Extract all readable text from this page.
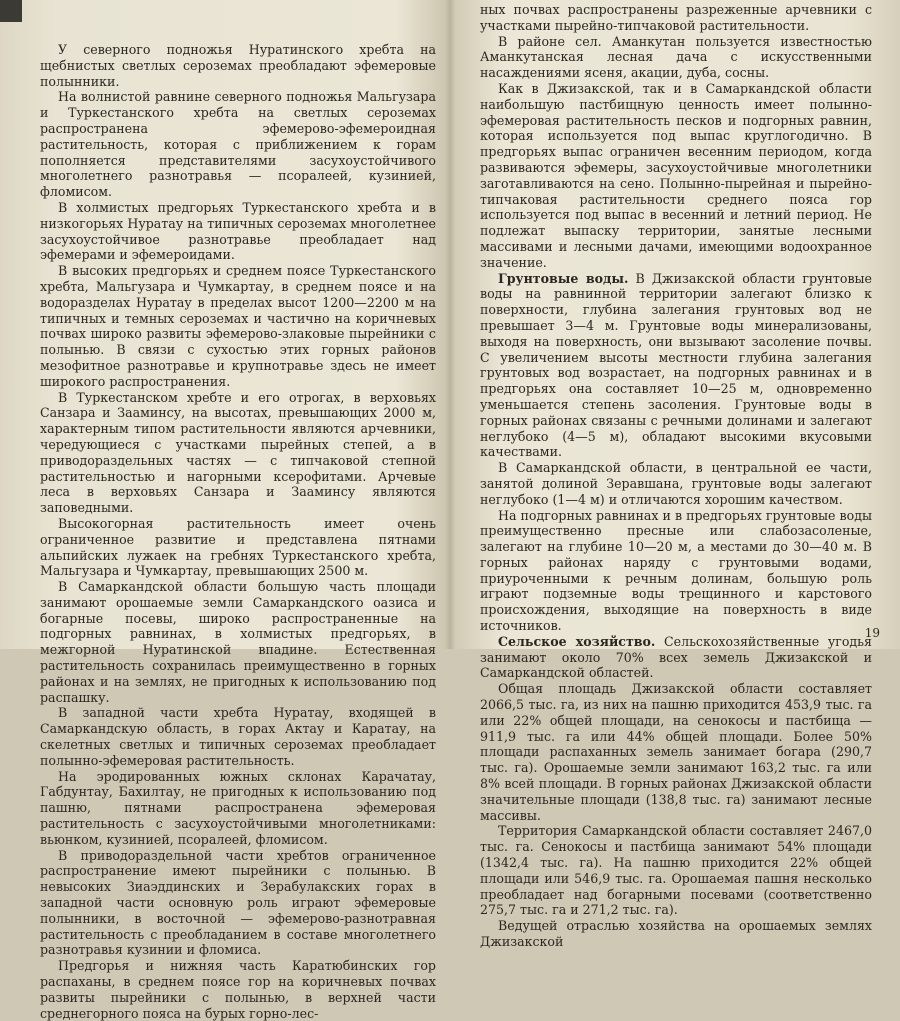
У северного подножья Нуратинского хребта на щебнистых светлых сероземах преобладают эфемеровые полынники.

На волнистой равнине северного подножья Мальгузара и Туркестанского хребта на светлых сероземах распространена эфемерово-эфемероидная растительность, которая с приближением к горам пополняется представителями засухоустойчивого многолетнего разнотравья — псоралеей, кузинией, фломисом.

В холмистых предгорьях Туркестанского хребта и в низкогорьях Нуратау на типичных сероземах многолетнее засухоустойчивое разнотравье преобладает над эфемерами и эфемероидами.

В высоких предгорьях и среднем поясе Туркестанского хребта, Мальгузара и Чумкартау, в среднем поясе и на водоразделах Нуратау в пределах высот 1200—2200 м на типичных и темных сероземах и частично на коричневых почвах широко развиты эфемерово-злаковые пырейники с полынью. В связи с сухостью этих горных районов мезофитное разнотравье и крупнотравье здесь не имеет широкого распространения.

В Туркестанском хребте и его отрогах, в верховьях Санзара и Зааминсу, на высотах, превышающих 2000 м, характерным типом растительности являются арчевники, чередующиеся с участками пырейных степей, а в приводораздельных частях — с типчаковой степной растительностью и нагорными ксерофитами. Арчевые леса в верховьях Санзара и Зааминсу являются заповедными.

Высокогорная растительность имеет очень ограниченное развитие и представлена пятнами альпийских лужаек на гребнях Туркестанского хребта, Мальгузара и Чумкартау, превышающих 2500 м.

В Самаркандской области большую часть площади занимают орошаемые земли Самаркандского оазиса и богарные посевы, широко распространенные на подгорных равнинах, в холмистых предгорьях, в межгорной Нуратинской впадине. Естественная растительность сохранилась преимущественно в горных районах и на землях, не пригодных к использованию под распашку.

В западной части хребта Нуратау, входящей в Самаркандскую область, в горах Актау и Каратау, на скелетных светлых и типичных сероземах преобладает полынно-эфемеровая растительность.

На эродированных южных склонах Карачатау, Габдунтау, Бахилтау, не пригодных к использованию под пашню, пятнами распространена эфемеровая растительность с засухоустойчивыми многолетниками: вьюнком, кузинией, псоралеей, фломисом.

В приводораздельной части хребтов ограниченное распространение имеют пырейники с полынью. В невысоких Зиаэддинских и Зерабулакских горах в западной части основную роль играют эфемеровые полынники, в восточной — эфемерово-разнотравная растительность с преобладанием в составе многолетнего разнотравья кузинии и фломиса.

Предгорья и нижняя часть Каратюбинских гор распаханы, в среднем поясе гор на коричневых почвах развиты пырейники с полынью, в верхней части среднегорного пояса на бурых горно-лес-

ных почвах распространены разреженные арчевники с участками пырейно-типчаковой растительности.

В районе сел. Аманкутан пользуется известностью Аманкутанская лесная дача с искусственными насаждениями ясеня, акации, дуба, сосны.

Как в Джизакской, так и в Самаркандской области наибольшую пастбищную ценность имеет полынно-эфемеровая растительность песков и подгорных равнин, которая используется под выпас круглогодично. В предгорьях выпас ограничен весенним периодом, когда развиваются эфемеры, засухоустойчивые многолетники заготавливаются на сено. Полынно-пырейная и пырейно-типчаковая растительности среднего пояса гор используется под выпас в весенний и летний период. Не подлежат выпаску территории, занятые лесными массивами и лесными дачами, имеющими водоохранное значение.

Грунтовые воды. В Джизакской области грунтовые воды на равнинной территории залегают близко к поверхности, глубина залегания грунтовых вод не превышает 3—4 м. Грунтовые воды минерализованы, выходя на поверхность, они вызывают засоление почвы. С увеличением высоты местности глубина залегания грунтовых вод возрастает, на подгорных равнинах и в предгорьях она составляет 10—25 м, одновременно уменьшается степень засоления. Грунтовые воды в горных районах связаны с речными долинами и залегают неглубоко (4—5 м), обладают высокими вкусовыми качествами.

В Самаркандской области, в центральной ее части, занятой долиной Зеравшана, грунтовые воды залегают неглубоко (1—4 м) и отличаются хорошим качеством.

На подгорных равнинах и в предгорьях грунтовые воды преимущественно пресные или слабозасоленые, залегают на глубине 10—20 м, а местами до 30—40 м. В горных районах наряду с грунтовыми водами, приуроченными к речным долинам, большую роль играют подземные воды трещинного и карстового происхождения, выходящие на поверхность в виде источников.

Сельское хозяйство. Сельскохозяйственные угодья занимают около 70% всех земель Джизакской и Самаркандской областей.

Общая площадь Джизакской области составляет 2066,5 тыс. га, из них на пашню приходится 453,9 тыс. га или 22% общей площади, на сенокосы и пастбища — 911,9 тыс. га или 44% общей площади. Более 50% площади распаханных земель занимает богара (290,7 тыс. га). Орошаемые земли занимают 163,2 тыс. га или 8% всей площади. В горных районах Джизакской области значительные площади (138,8 тыс. га) занимают лесные массивы.

Территория Самаркандской области составляет 2467,0 тыс. га. Сенокосы и пастбища занимают 54% площади (1342,4 тыс. га). На пашню приходится 22% общей площади или 546,9 тыс. га. Орошаемая пашня несколько преобладает над богарными посевами (соответственно 275,7 тыс. га и 271,2 тыс. га).

Ведущей отраслью хозяйства на орошаемых землях Джизакской

19
